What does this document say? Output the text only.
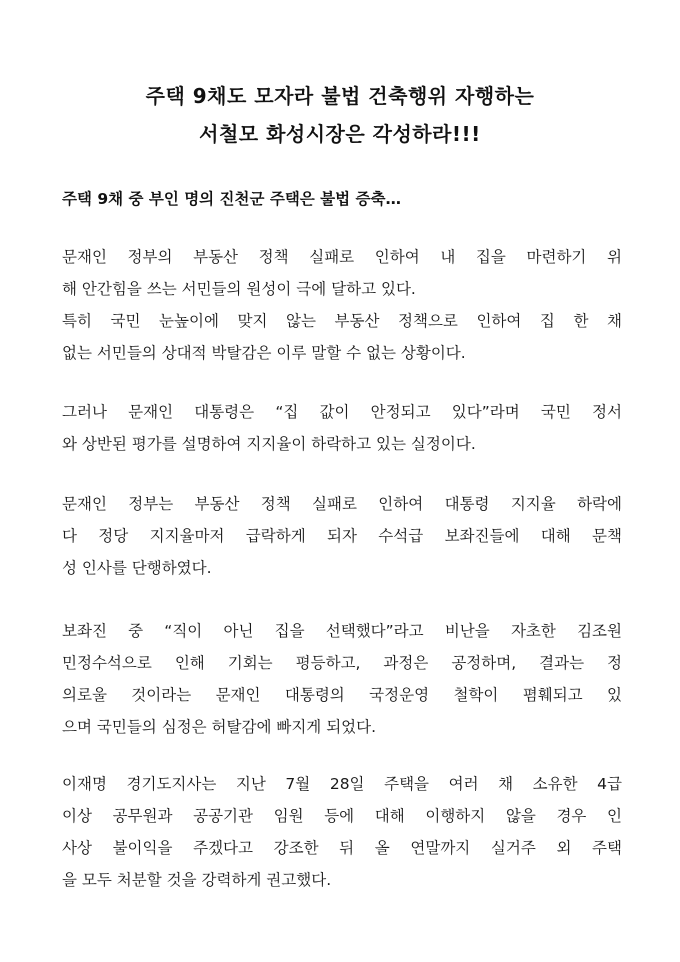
주택 9채도 모자라 불법 건축행위 자행하는
서철모 화성시장은 각성하라!!!
주택 9채 중 부인 명의 진천군 주택은 불법 증축…
문재인 정부의 부동산 정책 실패로 인하여 내 집을 마련하기 위
해 안간힘을 쓰는 서민들의 원성이 극에 달하고 있다.
특히 국민 눈높이에 맞지 않는 부동산 정책으로 인하여 집 한 채
없는 서민들의 상대적 박탈감은 이루 말할 수 없는 상황이다.
그러나 문재인 대통령은 “집 값이 안정되고 있다”라며 국민 정서
와 상반된 평가를 설명하여 지지율이 하락하고 있는 실정이다.
문재인 정부는 부동산 정책 실패로 인하여 대통령 지지율 하락에
다 정당 지지율마저 급락하게 되자 수석급 보좌진들에 대해 문책
성 인사를 단행하였다.
보좌진 중 “직이 아닌 집을 선택했다”라고 비난을 자초한 김조원
민정수석으로 인해 기회는 평등하고, 과정은 공정하며, 결과는 정
의로울 것이라는 문재인 대통령의 국정운영 철학이 폄훼되고 있
으며 국민들의 심정은 허탈감에 빠지게 되었다.
이재명 경기도지사는 지난 7월 28일 주택을 여러 채 소유한 4급
이상 공무원과 공공기관 임원 등에 대해 이행하지 않을 경우 인
사상 불이익을 주겠다고 강조한 뒤 올 연말까지 실거주 외 주택
을 모두 처분할 것을 강력하게 권고했다.
